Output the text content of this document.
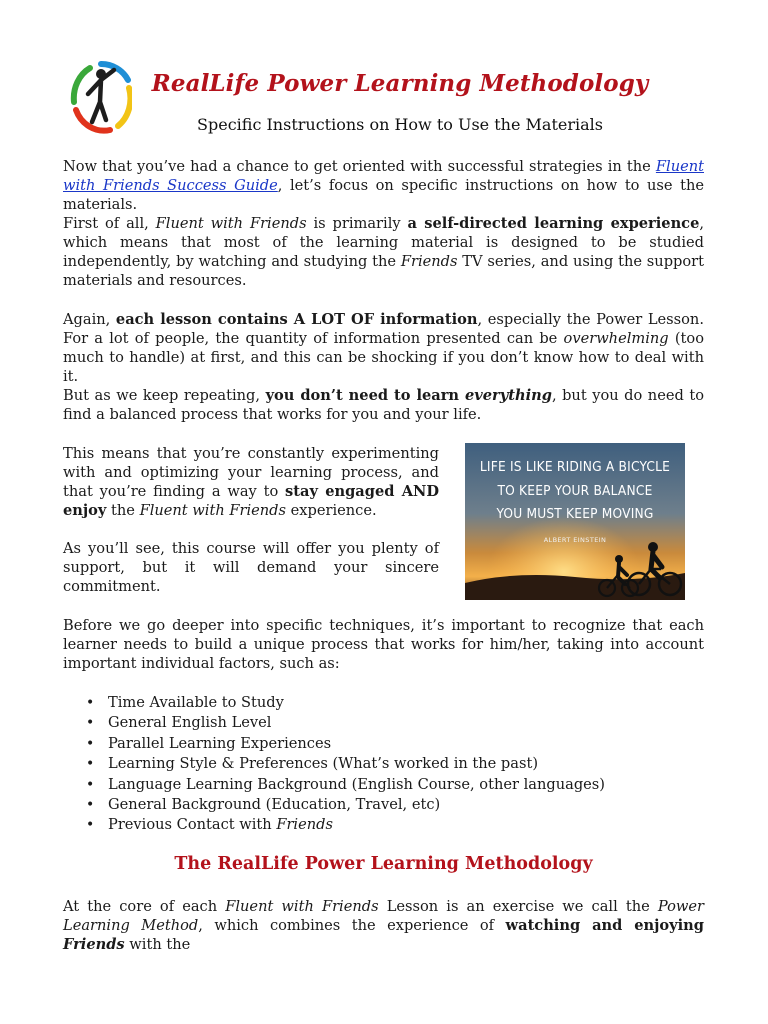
RealLife Power Learning Methodology
Specific Instructions on How to Use the Materials

Now that you’ve had a chance to get oriented with successful strategies in the Fluent with Friends Success Guide, let’s focus on specific instructions on how to use the materials.

First of all, Fluent with Friends is primarily a self-directed learning experience, which means that most of the learning material is designed to be studied independently, by watching and studying the Friends TV series, and using the support materials and resources.

Again, each lesson contains A LOT OF information, especially the Power Lesson. For a lot of people, the quantity of information presented can be overwhelming (too much to handle) at first, and this can be shocking if you don’t know how to deal with it.

But as we keep repeating, you don’t need to learn everything, but you do need to find a balanced process that works for you and your life.

This means that you’re constantly experimenting with and optimizing your learning process, and that you’re finding a way to stay engaged AND enjoy the Fluent with Friends experience.

As you’ll see, this course will offer you plenty of support, but it will demand your sincere commitment.

LIFE IS LIKE RIDING A BICYCLE
TO KEEP YOUR BALANCE
YOU MUST KEEP MOVING
ALBERT EINSTEIN

Before we go deeper into specific techniques, it’s important to recognize that each learner needs to build a unique process that works for him/her, taking into account important individual factors, such as:

• Time Available to Study
• General English Level
• Parallel Learning Experiences
• Learning Style & Preferences (What’s worked in the past)
• Language Learning Background (English Course, other languages)
• General Background (Education, Travel, etc)
• Previous Contact with Friends
The RealLife Power Learning Methodology

At the core of each Fluent with Friends Lesson is an exercise we call the Power Learning Method, which combines the experience of watching and enjoying Friends with the
